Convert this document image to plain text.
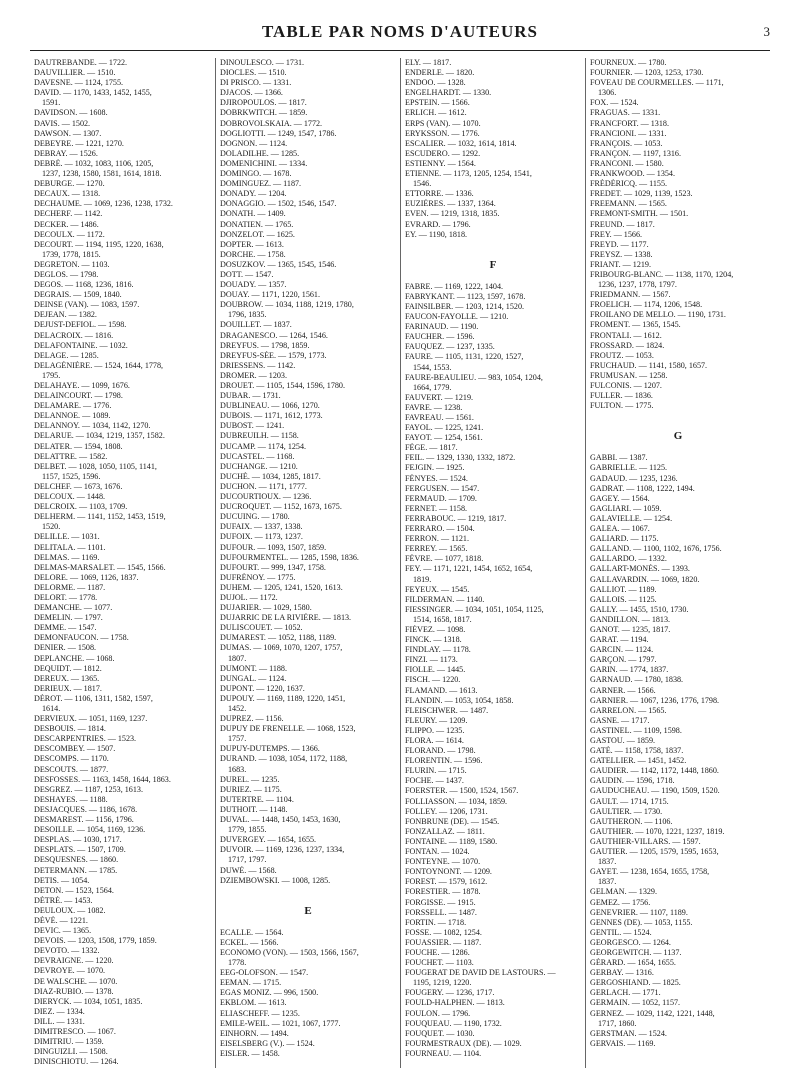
TABLE PAR NOMS D'AUTEURS	3
DAUTREBANDE. — 1722.
DAUVILLIER. — 1510.
DAVESNE. — 1124, 1755.
DAVID. — 1170, 1433, 1452, 1455,
1591.
DAVIDSON. — 1608.
DAVIS. — 1502.
DAWSON. — 1307.
DEBEYRE. — 1221, 1270.
DEBRAY. — 1526.
DEBRÉ. — 1032, 1083, 1106, 1205,
1237, 1238, 1580, 1581, 1614, 1818.
DEBURGE. — 1270.
DECAUX. — 1318.
DECHAUME. — 1069, 1236, 1238, 1732.
DECHERF. — 1142.
DECKER. — 1486.
DECOULX. — 1172.
DECOURT. — 1194, 1195, 1220, 1638,
1739, 1778, 1815.
DEGRETON. — 1103.
DEGLOS. — 1798.
DEGOS. — 1168, 1236, 1816.
DEGRAIS. — 1509, 1840.
DEINSE (VAN). — 1083, 1597.
DEJEAN. — 1382.
DEJUST-DEFIOL. — 1598.
DELACROIX. — 1816.
DELAFONTAINE. — 1032.
DELAGE. — 1285.
DELAGÉNIÈRE. — 1524, 1644, 1778,
1795.
DELAHAYE. — 1099, 1676.
DELAINCOURT. — 1798.
DELAMARE. — 1776.
DELANNOE. — 1089.
DELANNOY. — 1034, 1142, 1270.
DELARUE. — 1034, 1219, 1357, 1582.
DELATER. — 1594, 1808.
DELATTRE. — 1582.
DELBET. — 1028, 1050, 1105, 1141,
1157, 1525, 1596.
DELCHEF. — 1673, 1676.
DELCOUX. — 1448.
DELCROIX. — 1103, 1709.
DELHERM. — 1141, 1152, 1453, 1519,
1520.
DELILLE. — 1031.
DELITALA. — 1101.
DELMAS. — 1169.
DELMAS-MARSALET. — 1545, 1566.
DELORE. — 1069, 1126, 1837.
DELORME. — 1187.
DELORT. — 1778.
DEMANCHE. — 1077.
DEMELIN. — 1797.
DEMME. — 1547.
DEMONFAUCON. — 1758.
DENIER. — 1508.
DEPLANCHE. — 1068.
DEQUIDT. — 1812.
DEREUX. — 1365.
DERIEUX. — 1817.
DÉROT. — 1106, 1311, 1582, 1597,
1614.
DERVIEUX. — 1051, 1169, 1237.
DESBOUIS. — 1814.
DESCARPENTRIES. — 1523.
DESCOMBEY. — 1507.
DESCOMPS. — 1170.
DESCOUTS. — 1877.
DESFOSSES. — 1163, 1458, 1644, 1863.
DESGREZ. — 1187, 1253, 1613.
DESHAYES. — 1188.
DESJACQUES. — 1186, 1678.
DESMAREST. — 1156, 1796.
DESOILLE. — 1054, 1169, 1236.
DESPLAS. — 1030, 1717.
DESPLATS. — 1507, 1709.
DESQUESNES. — 1860.
DETERMANN. — 1785.
DETIS. — 1054.
DETON. — 1523, 1564.
DÉTRÉ. — 1453.
DEULOUX. — 1082.
DÉVÉ. — 1221.
DEVIC. — 1365.
DEVOIS. — 1203, 1508, 1779, 1859.
DEVOTO. — 1332.
DEVRAIGNE. — 1220.
DEVROYE. — 1070.
DE WALSCHE. — 1070.
DIAZ-RUBIO. — 1378.
DIERYCK. — 1034, 1051, 1835.
DIEZ. — 1334.
DILL. — 1331.
DIMITRESCO. — 1067.
DIMITRIU. — 1359.
DINGUIZLI. — 1508.
DINISCHIOTU. — 1264.
DINOULESCO. — 1731.
DIOCLES. — 1510.
DI PRISCO. — 1331.
DJACOS. — 1366.
DJIROPOULOS. — 1817.
DOBRKWITCH. — 1859.
DOBROVOLSKAIA. — 1772.
DOGLIOTTI. — 1249, 1547, 1786.
DOGNON. — 1124.
DOLADILHE. — 1285.
DOMENICHINI. — 1334.
DOMINGO. — 1678.
DOMINGUEZ. — 1187.
DONADY. — 1204.
DONAGGIO. — 1502, 1546, 1547.
DONATH. — 1409.
DONATIEN. — 1765.
DONZELOT. — 1625.
DOPTER. — 1613.
DORCHE. — 1758.
DOSUZKOV. — 1365, 1545, 1546.
DOTT. — 1547.
DOUADY. — 1357.
DOUAY. — 1171, 1220, 1561.
DOUBROW. — 1034, 1188, 1219, 1780,
1796, 1835.
DOUILLET. — 1837.
DRAGANESCO. — 1264, 1546.
DREYFUS. — 1798, 1859.
DREYFUS-SÉE. — 1579, 1773.
DRIESSENS. — 1142.
DROMER. — 1203.
DROUET. — 1105, 1544, 1596, 1780.
DUBAR. — 1731.
DUBLINEAU. — 1066, 1270.
DUBOIS. — 1171, 1612, 1773.
DUBOST. — 1241.
DUBREUILH. — 1158.
DUCAMP. — 1174, 1254.
DUCASTEL. — 1168.
DUCHANGE. — 1210.
DUCHÉ. — 1034, 1285, 1817.
DUCHON. — 1171, 1777.
DUCOURTIOUX. — 1236.
DUCROQUET. — 1152, 1673, 1675.
DUCUING. — 1780.
DUFAIX. — 1337, 1338.
DUFOIX. — 1173, 1237.
DUFOUR. — 1093, 1507, 1859.
DUFOURMENTEL. — 1285, 1598, 1836.
DUFOURT. — 999, 1347, 1758.
DUFRÉNOY. — 1775.
DUHEM. — 1205, 1241, 1520, 1613.
DUJOL. — 1172.
DUJARIER. — 1029, 1580.
DUJARRIC DE LA RIVIÈRE. — 1813.
DULISCOUET. — 1052.
DUMAREST. — 1052, 1188, 1189.
DUMAS. — 1069, 1070, 1207, 1757,
1807.
DUMONT. — 1188.
DUNGAL. — 1124.
DUPONT. — 1220, 1637.
DUPOUY. — 1169, 1189, 1220, 1451,
1452.
DUPREZ. — 1156.
DUPUY DE FRENELLE. — 1068, 1523,
1757.
DUPUY-DUTEMPS. — 1366.
DURAND. — 1038, 1054, 1172, 1188,
1683.
DUREL. — 1235.
DURIEZ. — 1175.
DUTERTRE. — 1104.
DUTHOIT. — 1148.
DUVAL. — 1448, 1450, 1453, 1630,
1779, 1855.
DUVERGEY. — 1654, 1655.
DUVOIR. — 1169, 1236, 1237, 1334,
1717, 1797.
DUWÉ. — 1568.
DZIEMBOWSKI. — 1008, 1285.
E
ECALLE. — 1564.
ECKEL. — 1566.
ECONOMO (VON). — 1503, 1566, 1567,
1778.
EEG-OLOFSON. — 1547.
EEMAN. — 1715.
EGAS MONIZ. — 996, 1500.
EKBLOM. — 1613.
ELIASCHEFF. — 1235.
EMILE-WEIL. — 1021, 1067, 1777.
EINHORN. — 1494.
EISELSBERG (V.). — 1524.
EISLER. — 1458.
ELY. — 1817.
ENDERLE. — 1820.
ENDOO. — 1328.
ENGELHARDT. — 1330.
EPSTEIN. — 1566.
ERLICH. — 1612.
ERPS (VAN). — 1070.
ERYKSSON. — 1776.
ESCALIER. — 1032, 1614, 1814.
ESCUDERO. — 1292.
ESTIENNY. — 1564.
ETIENNE. — 1173, 1205, 1254, 1541,
1546.
ETTORRE. — 1336.
EUZIÈRES. — 1337, 1364.
EVEN. — 1219, 1318, 1835.
EVRARD. — 1796.
EY. — 1190, 1818.
F
FABRE. — 1169, 1222, 1404.
FABRYKANT. — 1123, 1597, 1678.
FAINSILBER. — 1203, 1214, 1520.
FAUCON-FAYOLLE. — 1210.
FARINAUD. — 1190.
FAUCHER. — 1596.
FAUQUEZ. — 1237, 1335.
FAURE. — 1105, 1131, 1220, 1527,
1544, 1553.
FAURE-BEAULIEU. — 983, 1054, 1204,
1664, 1779.
FAUVERT. — 1219.
FAVRE. — 1238.
FAVREAU. — 1561.
FAYOL. — 1225, 1241.
FAYOT. — 1254, 1561.
FÈGE. — 1817.
FEIL. — 1329, 1330, 1332, 1872.
FEJGIN. — 1925.
FÉNYES. — 1524.
FERGUSEN. — 1547.
FERMAUD. — 1709.
FERNET. — 1158.
FERRABOUC. — 1219, 1817.
FERRARO. — 1504.
FERRON. — 1121.
FERREY. — 1565.
FÉVRE. — 1077, 1818.
FEY. — 1171, 1221, 1454, 1652, 1654,
1819.
FEYEUX. — 1545.
FILDERMAN. — 1140.
FIESSINGER. — 1034, 1051, 1054, 1125,
1514, 1658, 1817.
FIÉVEZ. — 1098.
FINCK. — 1318.
FINDLAY. — 1178.
FINZI. — 1173.
FIOLLE. — 1445.
FISCH. — 1220.
FLAMAND. — 1613.
FLANDIN. — 1053, 1054, 1858.
FLEISCHWER. — 1487.
FLEURY. — 1209.
FLIPPO. — 1235.
FLORA. — 1614.
FLORAND. — 1798.
FLORENTIN. — 1596.
FLURIN. — 1715.
FOCHE. — 1437.
FOERSTER. — 1500, 1524, 1567.
FOLLIASSON. — 1034, 1859.
FOLLEY. — 1206, 1731.
FONBRUNE (DE). — 1545.
FONZALLAZ. — 1811.
FONTAINE. — 1189, 1580.
FONTAN. — 1024.
FONTEYNE. — 1070.
FONTOYNONT. — 1209.
FOREST. — 1579, 1612.
FORESTIER. — 1878.
FORGISSE. — 1915.
FORSSELL. — 1487.
FORTIN. — 1718.
FOSSE. — 1082, 1254.
FOUASSIER. — 1187.
FOUCHE. — 1286.
FOUCHET. — 1103.
FOUGERAT DE DAVID DE LASTOURS. —
1195, 1219, 1220.
FOUGERY. — 1236, 1717.
FOULD-HALPHEN. — 1813.
FOULON. — 1796.
FOUQUEAU. — 1190, 1732.
FOUQUET. — 1030.
FOURMESTRAUX (DE). — 1029.
FOURNEAU. — 1104.
FOURNEUX. — 1780.
FOURNIER. — 1203, 1253, 1730.
FOVEAU DE COURMELLES. — 1171,
1306.
FOX. — 1524.
FRAGUAS. — 1331.
FRANCFORT. — 1318.
FRANCIONI. — 1331.
FRANÇOIS. — 1053.
FRANÇON. — 1197, 1316.
FRANCONI. — 1580.
FRANKWOOD. — 1354.
FRÉDÉRICQ. — 1155.
FREDET. — 1029, 1139, 1523.
FREEMANN. — 1565.
FREMONT-SMITH. — 1501.
FREUND. — 1817.
FREY. — 1566.
FREYD. — 1177.
FREYSZ. — 1338.
FRIANT. — 1219.
FRIBOURG-BLANC. — 1138, 1170, 1204,
1236, 1237, 1778, 1797.
FRIEDMANN. — 1567.
FROELICH. — 1174, 1206, 1548.
FROILANO DE MELLO. — 1190, 1731.
FROMENT. — 1365, 1545.
FRONTALI. — 1612.
FROSSARD. — 1824.
FROUTZ. — 1053.
FRUCHAUD. — 1141, 1580, 1657.
FRUMUSAN. — 1258.
FULCONIS. — 1207.
FULLER. — 1836.
FULTON. — 1775.
G
GABBI. — 1387.
GABRIELLE. — 1125.
GADAUD. — 1235, 1236.
GADRAT. — 1108, 1222, 1494.
GAGEY. — 1564.
GAGLIARI. — 1059.
GALAVIELLE. — 1254.
GALEA. — 1067.
GALIARD. — 1175.
GALLAND. — 1100, 1102, 1676, 1756.
GALLARDO. — 1332.
GALLART-MONÈS. — 1393.
GALLAVARDIN. — 1069, 1820.
GALLIOT. — 1189.
GALLOIS. — 1125.
GALLY. — 1455, 1510, 1730.
GANDILLON. — 1813.
GANOT. — 1235, 1817.
GARAT. — 1194.
GARCIN. — 1124.
GARÇON. — 1797.
GARIN. — 1774, 1837.
GARNAUD. — 1780, 1838.
GARNER. — 1566.
GARNIER. — 1067, 1236, 1776, 1798.
GARRELON. — 1565.
GASNE. — 1717.
GASTINEL. — 1109, 1598.
GASTOU. — 1859.
GATÉ. — 1158, 1758, 1837.
GATELLIER. — 1451, 1452.
GAUDIER. — 1142, 1172, 1448, 1860.
GAUDIN. — 1596, 1718.
GAUDUCHEAU. — 1190, 1509, 1520.
GAULT. — 1714, 1715.
GAULTIER. — 1730.
GAUTHERON. — 1106.
GAUTHIER. — 1070, 1221, 1237, 1819.
GAUTHIER-VILLARS. — 1597.
GAUTIER. — 1205, 1579, 1595, 1653,
1837.
GAYET. — 1238, 1654, 1655, 1758,
1837.
GELMAN. — 1329.
GEMEZ. — 1756.
GENEVRIER. — 1107, 1189.
GENNES (DE). — 1053, 1155.
GENTIL. — 1524.
GEORGESCO. — 1264.
GEORGEWITCH. — 1137.
GÉRARD. — 1654, 1655.
GERBAY. — 1316.
GERGOSHIAND. — 1825.
GERLACH. — 1771.
GERMAIN. — 1052, 1157.
GERNEZ. — 1029, 1142, 1221, 1448,
1717, 1860.
GERSTMAN. — 1524.
GERVAIS. — 1169.
